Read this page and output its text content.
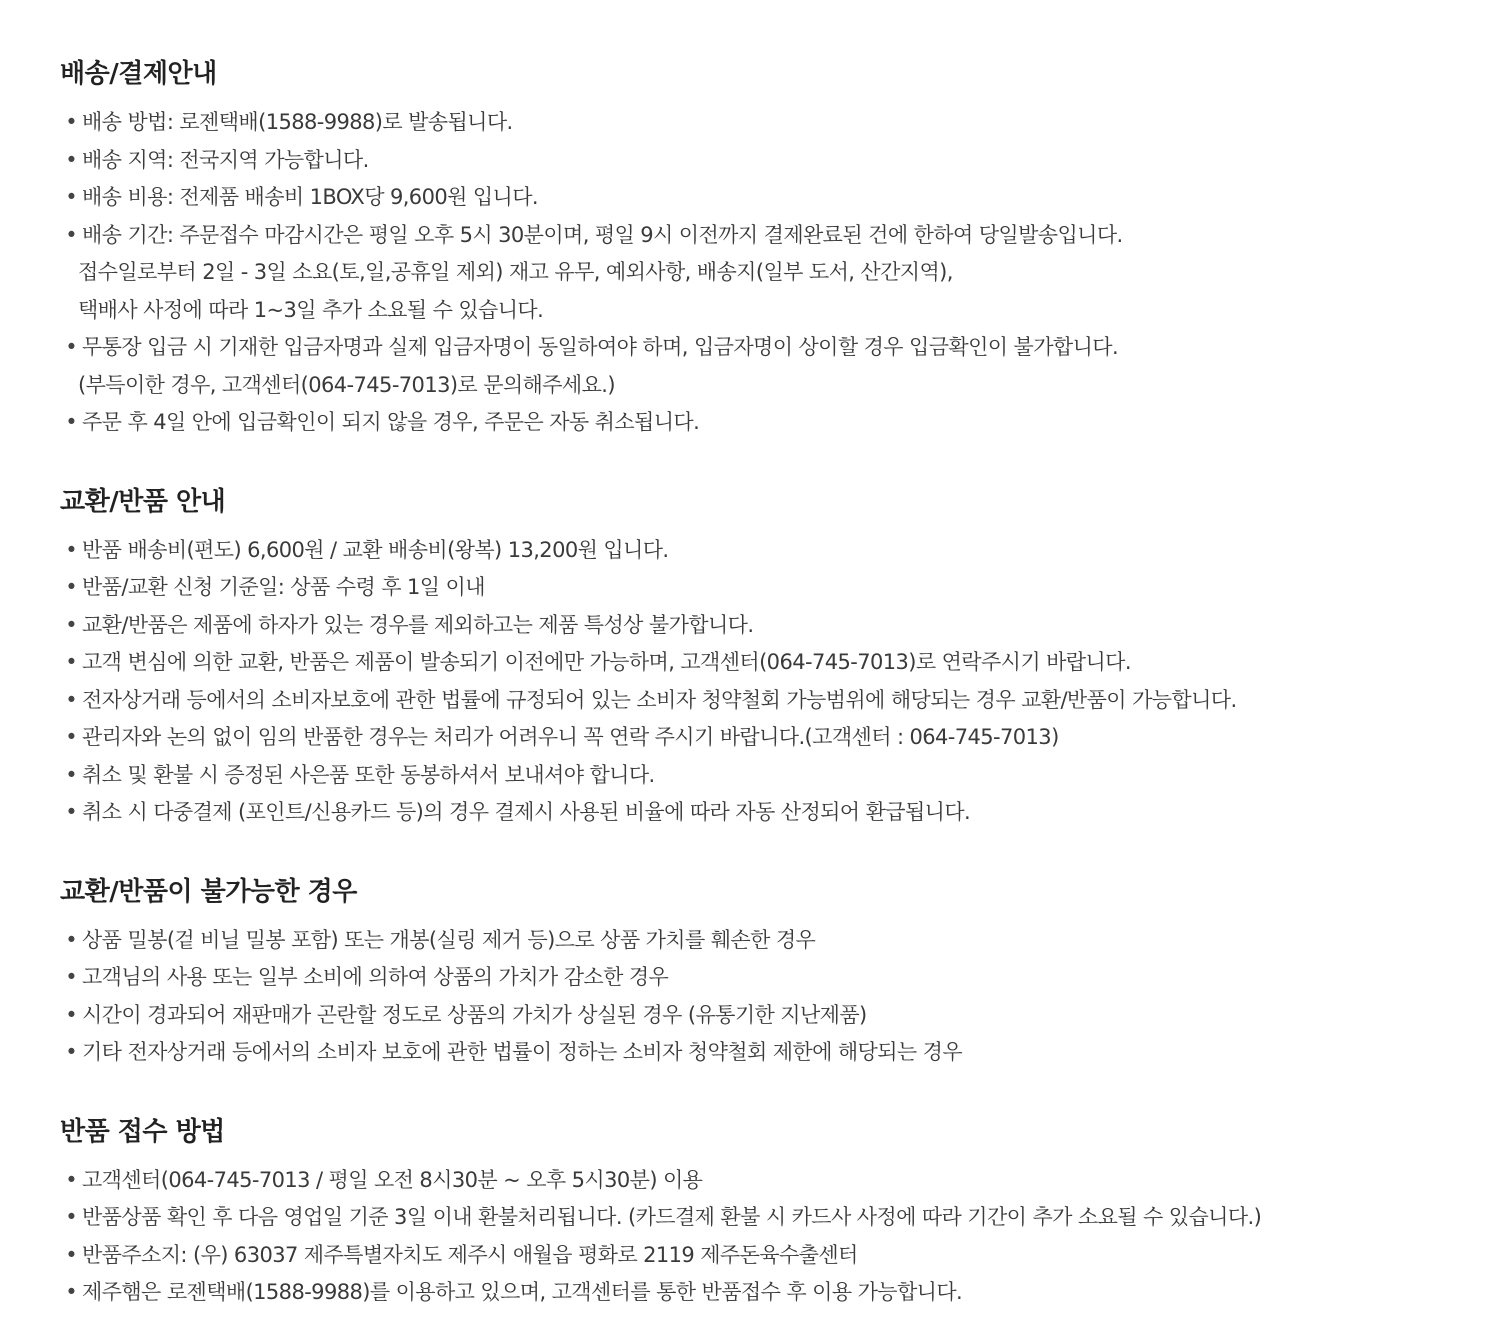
배송/결제안내
• 배송 방법: 로젠택배(1588-9988)로 발송됩니다.
• 배송 지역: 전국지역 가능합니다.
• 배송 비용: 전제품 배송비 1BOX당 9,600원 입니다.
• 배송 기간: 주문접수 마감시간은 평일 오후 5시 30분이며, 평일 9시 이전까지 결제완료된 건에 한하여 당일발송입니다.
접수일로부터 2일 - 3일 소요(토,일,공휴일 제외) 재고 유무, 예외사항, 배송지(일부 도서, 산간지역),
택배사 사정에 따라 1~3일 추가 소요될 수 있습니다.
• 무통장 입금 시 기재한 입금자명과 실제 입금자명이 동일하여야 하며, 입금자명이 상이할 경우 입금확인이 불가합니다.
(부득이한 경우, 고객센터(064-745-7013)로 문의해주세요.)
• 주문 후 4일 안에 입금확인이 되지 않을 경우, 주문은 자동 취소됩니다.
교환/반품 안내
• 반품 배송비(편도) 6,600원 / 교환 배송비(왕복) 13,200원 입니다.
• 반품/교환 신청 기준일: 상품 수령 후 1일 이내
• 교환/반품은 제품에 하자가 있는 경우를 제외하고는 제품 특성상 불가합니다.
• 고객 변심에 의한 교환, 반품은 제품이 발송되기 이전에만 가능하며, 고객센터(064-745-7013)로 연락주시기 바랍니다.
• 전자상거래 등에서의 소비자보호에 관한 법률에 규정되어 있는 소비자 청약철회 가능범위에 해당되는 경우 교환/반품이 가능합니다.
• 관리자와 논의 없이 임의 반품한 경우는 처리가 어려우니 꼭 연락 주시기 바랍니다.(고객센터 : 064-745-7013)
• 취소 및 환불 시 증정된 사은품 또한 동봉하셔서 보내셔야 합니다.
• 취소 시 다중결제 (포인트/신용카드 등)의 경우 결제시 사용된 비율에 따라 자동 산정되어 환급됩니다.
교환/반품이 불가능한 경우
• 상품 밀봉(겉 비닐 밀봉 포함) 또는 개봉(실링 제거 등)으로 상품 가치를 훼손한 경우
• 고객님의 사용 또는 일부 소비에 의하여 상품의 가치가 감소한 경우
• 시간이 경과되어 재판매가 곤란할 정도로 상품의 가치가 상실된 경우 (유통기한 지난제품)
• 기타 전자상거래 등에서의 소비자 보호에 관한 법률이 정하는 소비자 청약철회 제한에 해당되는 경우
반품 접수 방법
• 고객센터(064-745-7013 / 평일 오전 8시30분 ~ 오후 5시30분) 이용
• 반품상품 확인 후 다음 영업일 기준 3일 이내 환불처리됩니다. (카드결제 환불 시 카드사 사정에 따라 기간이 추가 소요될 수 있습니다.)
• 반품주소지: (우) 63037 제주특별자치도 제주시 애월읍 평화로 2119 제주돈육수출센터
• 제주햄은 로젠택배(1588-9988)를 이용하고 있으며, 고객센터를 통한 반품접수 후 이용 가능합니다.
